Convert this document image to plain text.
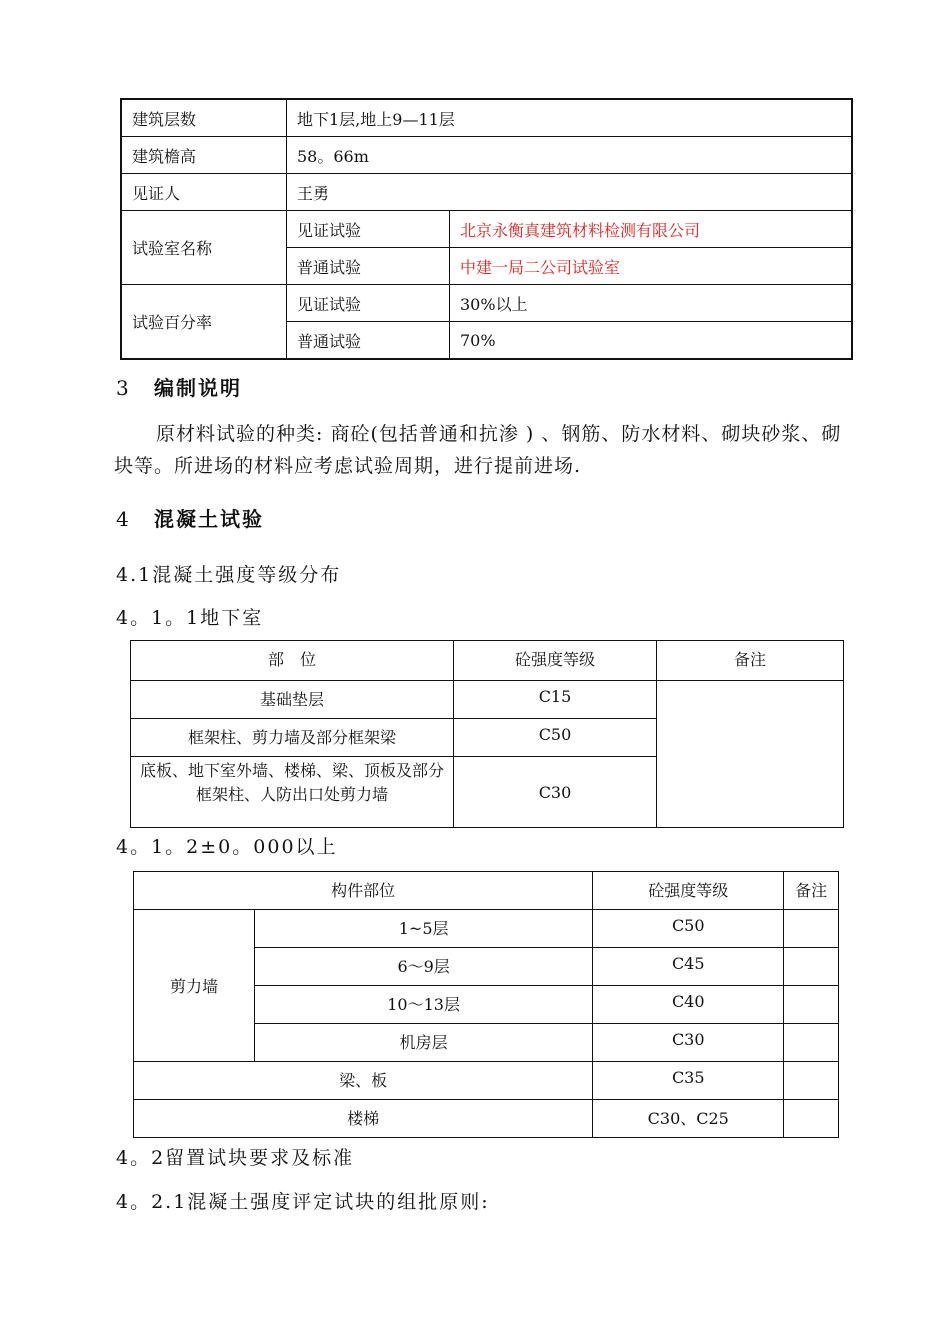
建筑层数	地下1层,地上9—11层	
建筑檐高	58。66m	
见证人	王勇	
试验室名称	见证试验	北京永衡真建筑材料检测有限公司
	普通试验	中建一局二公司试验室
试验百分率	见证试验	30%以上
	普通试验	70%
3 编制说明
原材料试验的种类: 商砼(包括普通和抗渗 ) 、钢筋、防水材料、砌块砂浆、砌块等。所进场的材料应考虑试验周期，进行提前进场.
4 混凝土试验
4.1混凝土强度等级分布
4。1。1地下室
部　位	砼强度等级	备注
基础垫层	C15	
框架柱、剪力墙及部分框架梁	C50	
底板、地下室外墙、楼梯、梁、顶板及部分框架柱、人防出口处剪力墙	C30	
4。1。2±0。000以上
构件部位		砼强度等级	备注
剪力墙	1~5层	C50	
	6～9层	C45	
	10～13层	C40	
	机房层	C30	
梁、板		C35	
楼梯		C30、C25	
4。2留置试块要求及标准
4。2.1混凝土强度评定试块的组批原则:
